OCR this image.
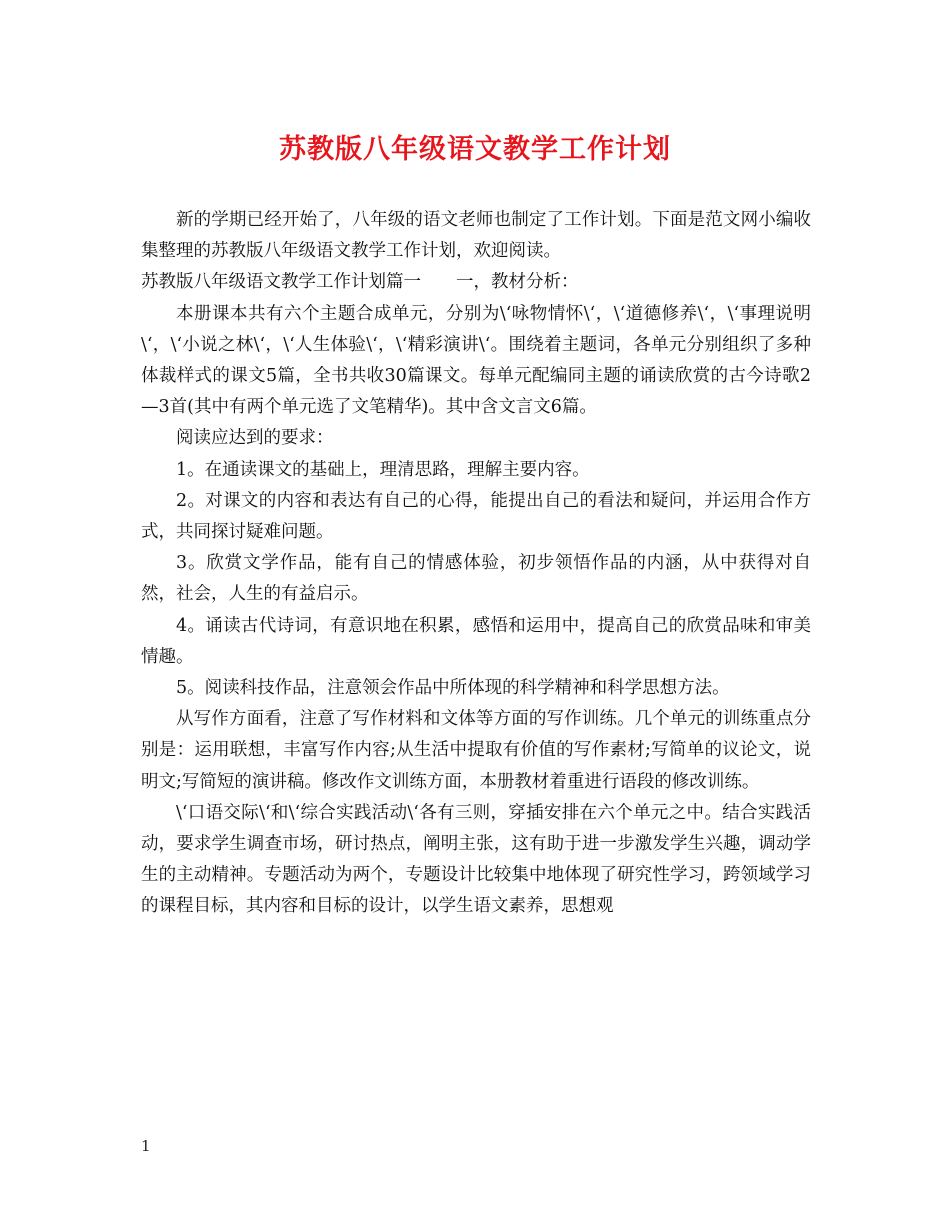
苏教版八年级语文教学工作计划

新的学期已经开始了，八年级的语文老师也制定了工作计划。下面是范文网小编收集整理的苏教版八年级语文教学工作计划，欢迎阅读。

苏教版八年级语文教学工作计划篇一　　一，教材分析：

本册课本共有六个主题合成单元，分别为\‘咏物情怀\‘，\‘道德修养\‘，\‘事理说明\‘，\‘小说之林\‘，\‘人生体验\‘，\‘精彩演讲\‘。围绕着主题词，各单元分别组织了多种体裁样式的课文5篇，全书共收30篇课文。每单元配编同主题的诵读欣赏的古今诗歌2—3首(其中有两个单元选了文笔精华)。其中含文言文6篇。

阅读应达到的要求：

1。在通读课文的基础上，理清思路，理解主要内容。

2。对课文的内容和表达有自己的心得，能提出自己的看法和疑问，并运用合作方式，共同探讨疑难问题。

3。欣赏文学作品，能有自己的情感体验，初步领悟作品的内涵，从中获得对自然，社会，人生的有益启示。

4。诵读古代诗词，有意识地在积累，感悟和运用中，提高自己的欣赏品味和审美情趣。

5。阅读科技作品，注意领会作品中所体现的科学精神和科学思想方法。

从写作方面看，注意了写作材料和文体等方面的写作训练。几个单元的训练重点分别是：运用联想，丰富写作内容;从生活中提取有价值的写作素材;写简单的议论文，说明文;写简短的演讲稿。修改作文训练方面，本册教材着重进行语段的修改训练。

\‘口语交际\‘和\‘综合实践活动\‘各有三则，穿插安排在六个单元之中。结合实践活动，要求学生调查市场，研讨热点，阐明主张，这有助于进一步激发学生兴趣，调动学生的主动精神。专题活动为两个，专题设计比较集中地体现了研究性学习，跨领域学习的课程目标，其内容和目标的设计，以学生语文素养，思想观

1
